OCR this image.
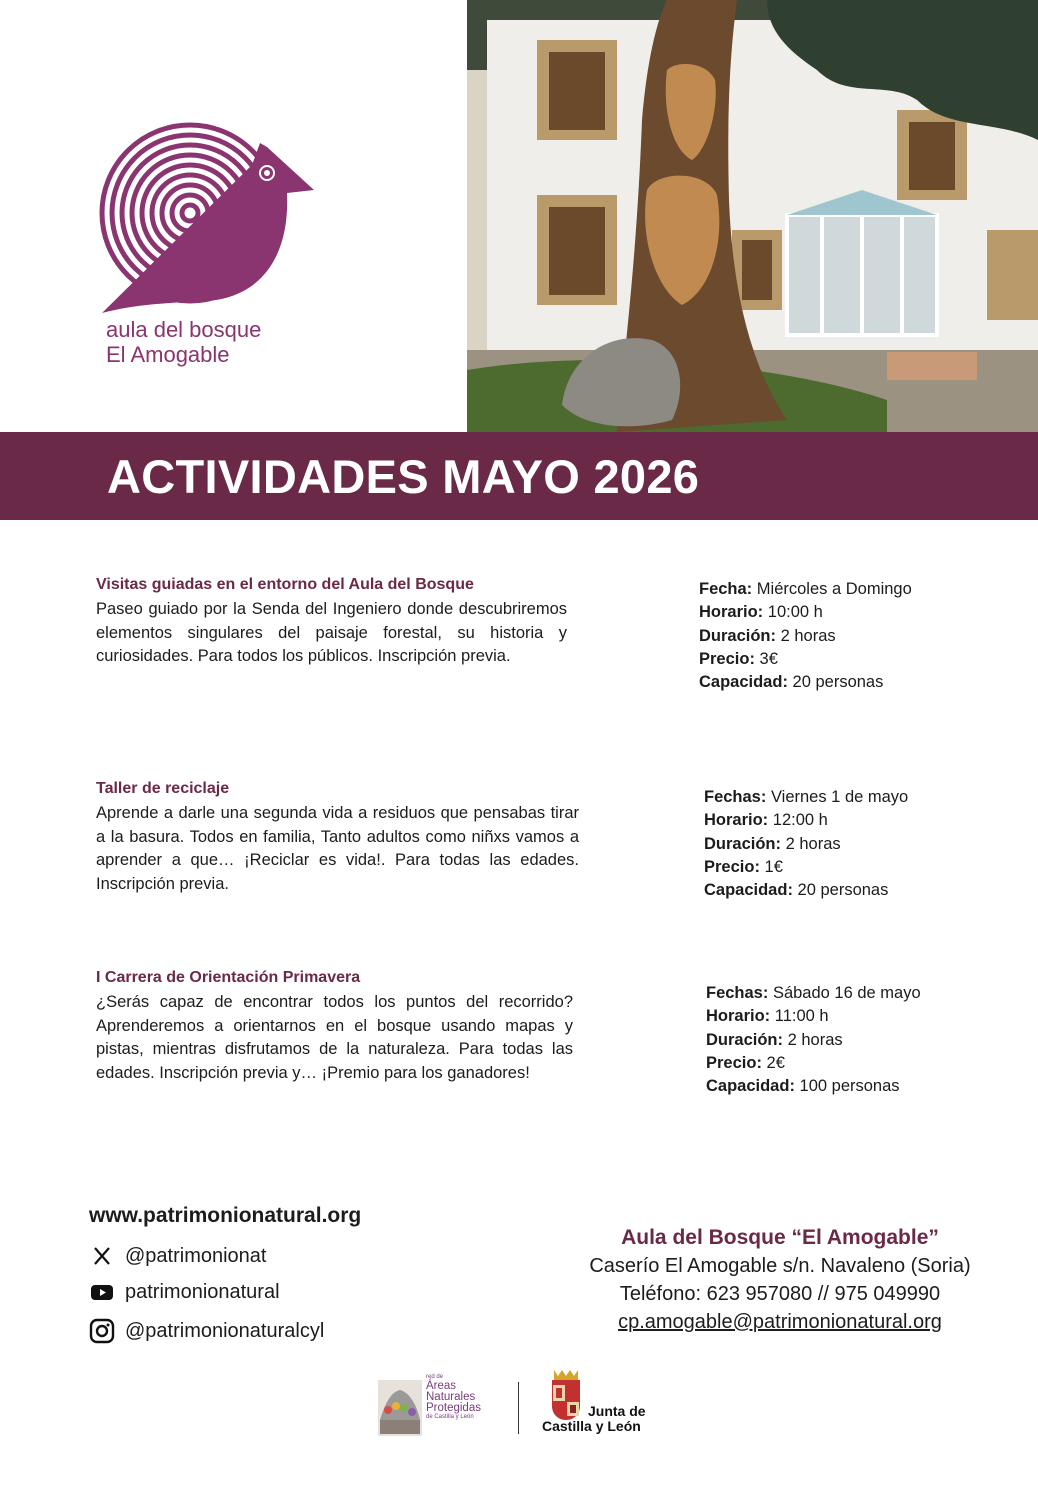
aula del bosque
El Amogable
ACTIVIDADES MAYO 2026

Visitas guiadas en el entorno del Aula del Bosque

Paseo guiado por la Senda del Ingeniero donde descubriremos elementos singulares del paisaje forestal, su historia y curiosidades. Para todos los públicos. Inscripción previa.

Fecha: Miércoles a Domingo
Horario: 10:00 h
Duración: 2 horas
Precio: 3€
Capacidad: 20 personas

Taller de reciclaje

Aprende a darle una segunda vida a residuos que pensabas tirar a la basura. Todos en familia, Tanto adultos como niñxs vamos a aprender a que… ¡Reciclar es vida!. Para todas las edades. Inscripción previa.

Fechas: Viernes 1 de mayo
Horario: 12:00 h
Duración: 2 horas
Precio: 1€
Capacidad: 20 personas

I Carrera de Orientación Primavera

¿Serás capaz de encontrar todos los puntos del recorrido? Aprenderemos a orientarnos en el bosque usando mapas y pistas, mientras disfrutamos de la naturaleza. Para todas las edades. Inscripción previa y… ¡Premio para los ganadores!

Fechas: Sábado 16 de mayo
Horario: 11:00 h
Duración: 2 horas
Precio: 2€
Capacidad: 100 personas
www.patrimonionatural.org
@patrimonionat
patrimonionatural
@patrimonionaturalcyl
Aula del Bosque “El Amogable”
Caserío El Amogable s/n. Navaleno (Soria)
Teléfono: 623 957080 // 975 049990
cp.amogable@patrimonionatural.org
red de
Áreas
Naturales
Protegidas
de Castilla y León	Junta de
Castilla y León
